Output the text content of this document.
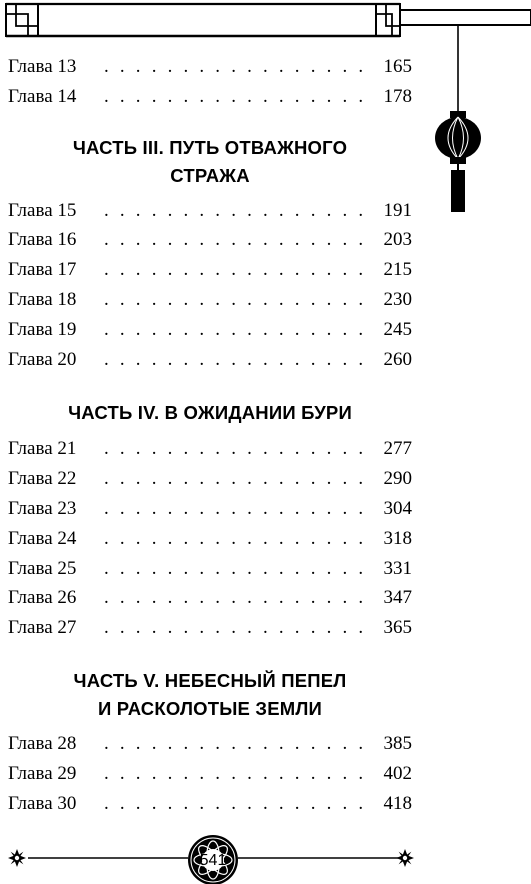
Глава 13 . . .	165
Глава 14 . . .	178
ЧАСТЬ III. ПУТЬ ОТВАЖНОГО
СТРАЖА
Глава 15 . . .	191
Глава 16 . . .	203
Глава 17 . . .	215
Глава 18 . . .	230
Глава 19 . . .	245
Глава 20 . . .	260
ЧАСТЬ IV. В ОЖИДАНИИ БУРИ
Глава 21 . . .	277
Глава 22 . . .	290
Глава 23 . . .	304
Глава 24 . . .	318
Глава 25 . . .	331
Глава 26 . . .	347
Глава 27 . . .	365
ЧАСТЬ V. НЕБЕСНЫЙ ПЕПЕЛ
И РАСКОЛОТЫЕ ЗЕМЛИ
Глава 28 . . .	385
Глава 29 . . .	402
Глава 30 . . .	418
541
